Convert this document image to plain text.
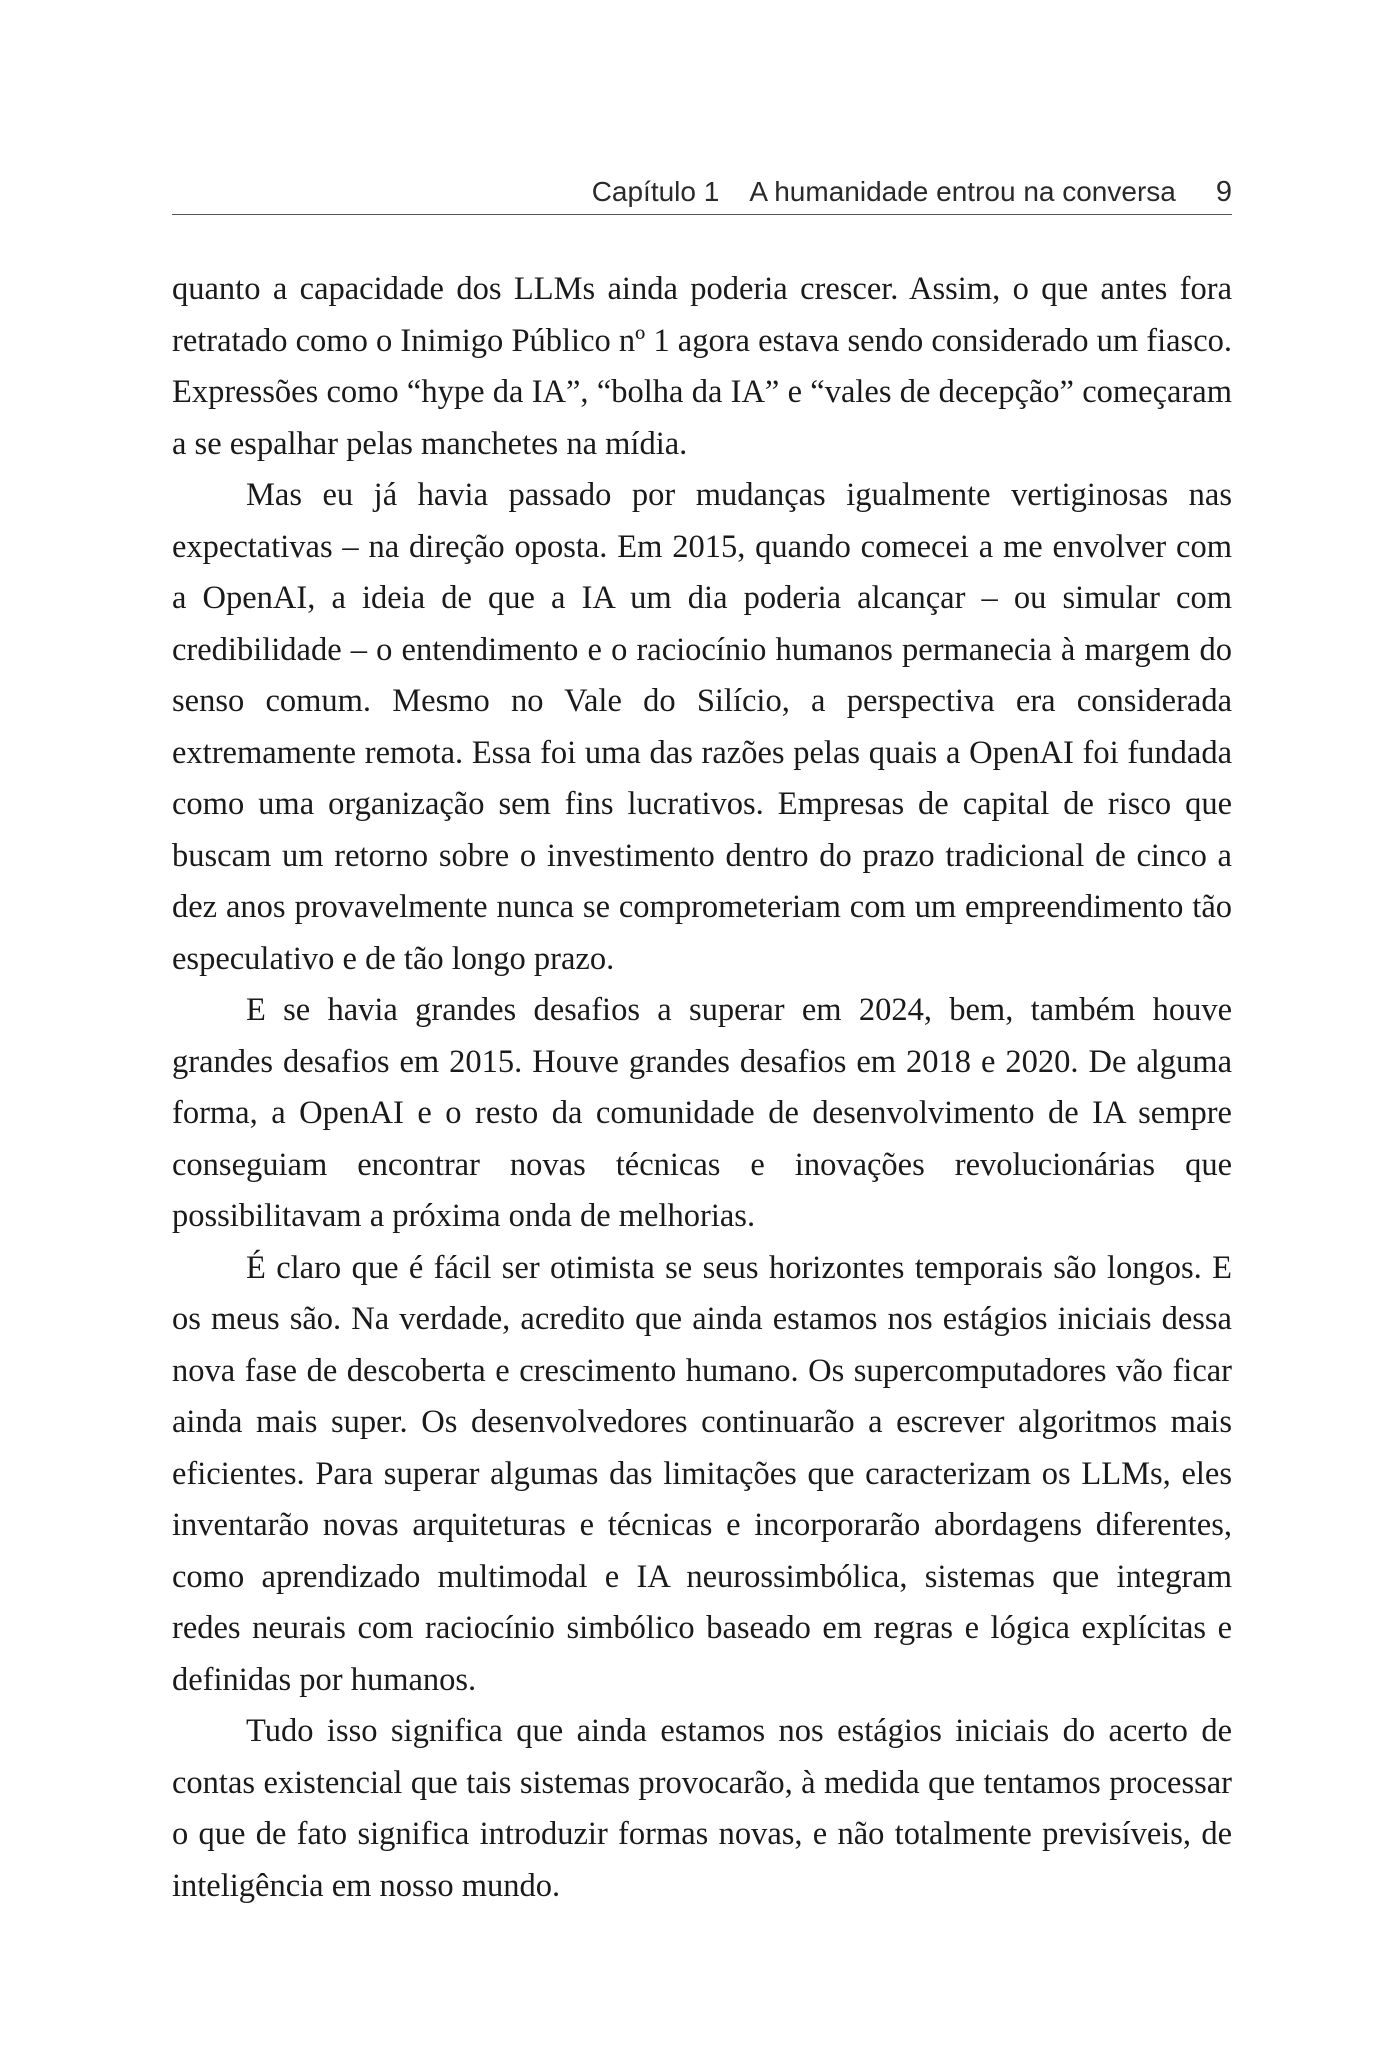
Capítulo 1 A humanidade entrou na conversa 9

quanto a capacidade dos LLMs ainda poderia crescer. Assim, o que antes fora retratado como o Inimigo Público nº 1 agora estava sendo considerado um fiasco. Expressões como “hype da IA”, “bolha da IA” e “vales de decepção” começaram a se espalhar pelas manchetes na mídia.

Mas eu já havia passado por mudanças igualmente vertiginosas nas expectativas – na direção oposta. Em 2015, quando comecei a me envolver com a OpenAI, a ideia de que a IA um dia poderia alcançar – ou simular com credibilidade – o entendimento e o raciocínio humanos permanecia à margem do senso comum. Mesmo no Vale do Silício, a perspectiva era considerada extremamente remota. Essa foi uma das razões pelas quais a OpenAI foi fundada como uma organização sem fins lucrativos. Empresas de capital de risco que buscam um retorno sobre o investimento dentro do prazo tradicional de cinco a dez anos provavelmente nunca se comprometeriam com um empreendimento tão especulativo e de tão longo prazo.

E se havia grandes desafios a superar em 2024, bem, também houve grandes desafios em 2015. Houve grandes desafios em 2018 e 2020. De alguma forma, a OpenAI e o resto da comunidade de desenvolvimento de IA sempre conseguiam encontrar novas técnicas e inovações revolucionárias que possibilitavam a próxima onda de melhorias.

É claro que é fácil ser otimista se seus horizontes temporais são longos. E os meus são. Na verdade, acredito que ainda estamos nos estágios iniciais dessa nova fase de descoberta e crescimento humano. Os supercomputadores vão ficar ainda mais super. Os desenvolvedores continuarão a escrever algoritmos mais eficientes. Para superar algumas das limitações que caracterizam os LLMs, eles inventarão novas arquiteturas e técnicas e incorporarão abordagens diferentes, como aprendizado multimodal e IA neurossimbólica, sistemas que integram redes neurais com raciocínio simbólico baseado em regras e lógica explícitas e definidas por humanos.

Tudo isso significa que ainda estamos nos estágios iniciais do acerto de contas existencial que tais sistemas provocarão, à medida que tentamos processar o que de fato significa introduzir formas novas, e não totalmente previsíveis, de inteligência em nosso mundo.
